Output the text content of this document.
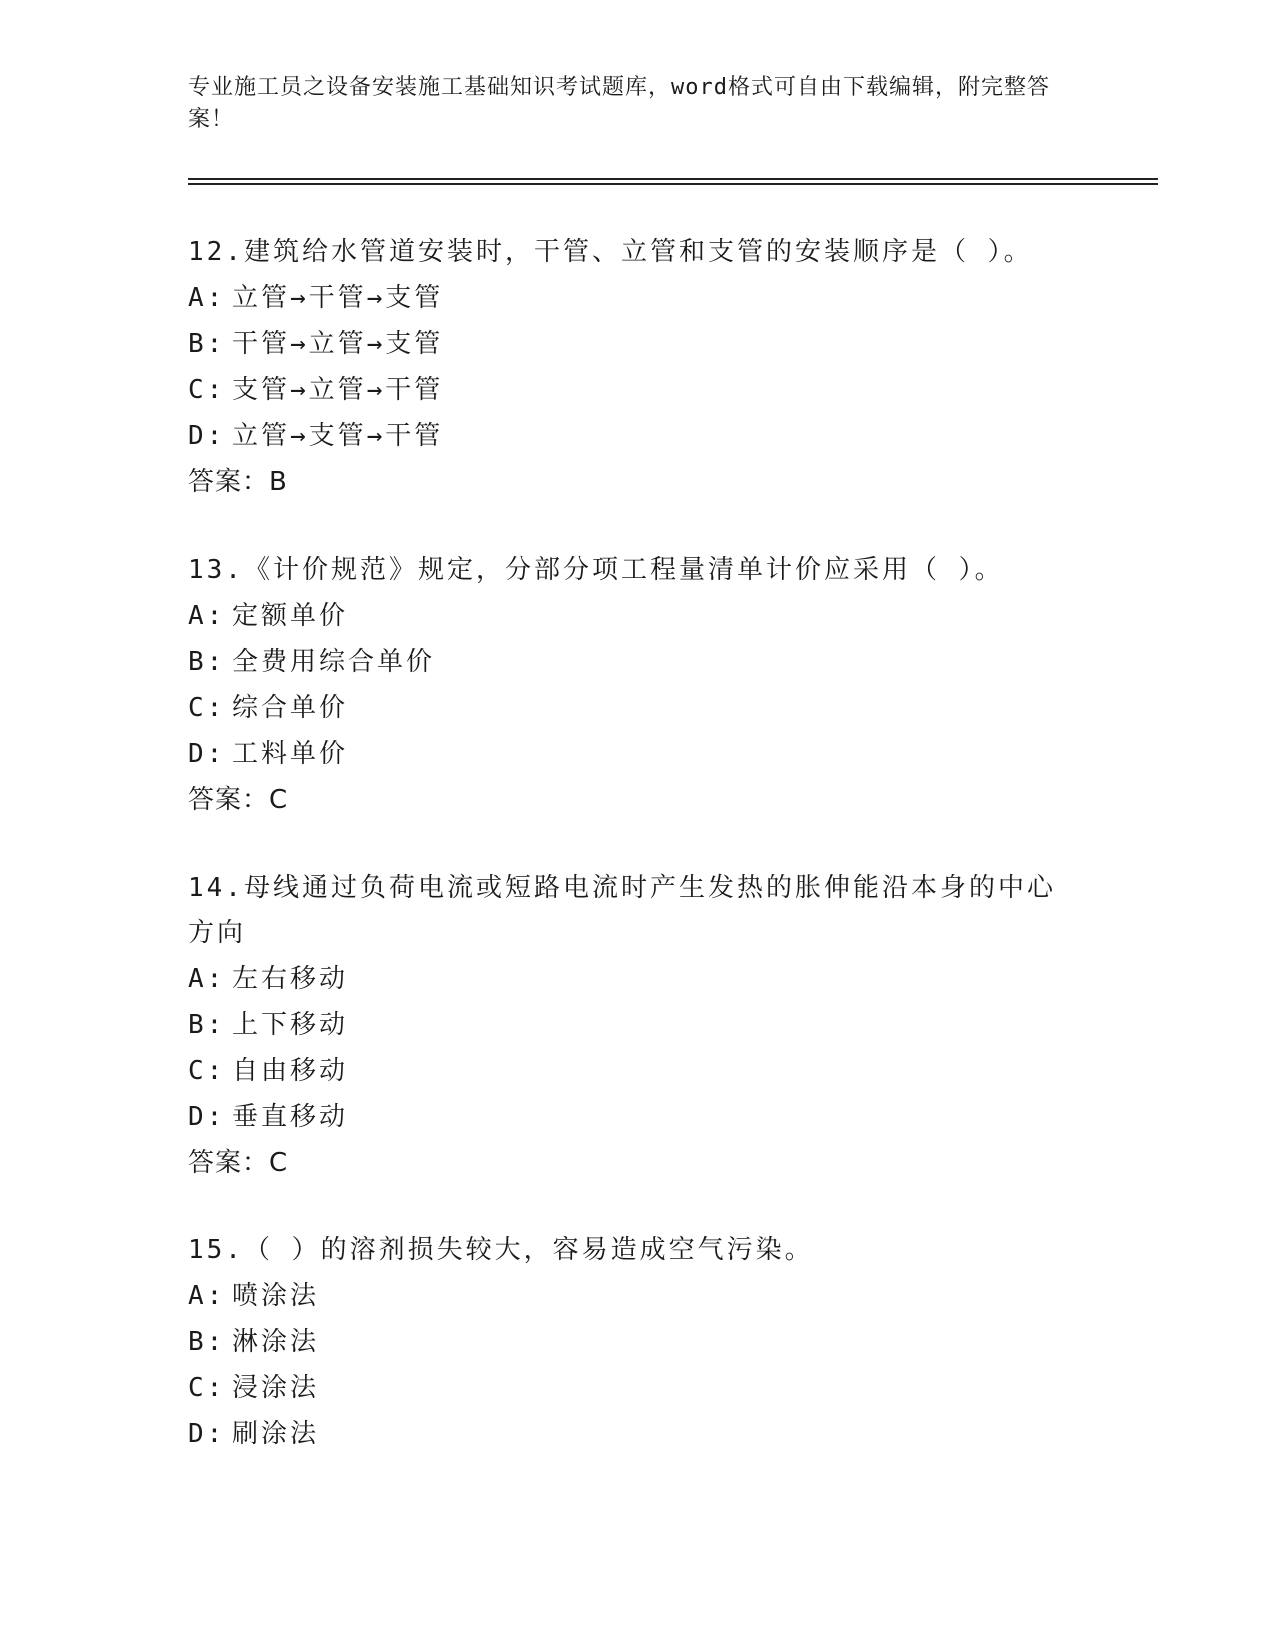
专业施工员之设备安装施工基础知识考试题库，word格式可自由下载编辑，附完整答案！
12.建筑给水管道安装时，干管、立管和支管的安装顺序是（ ）。
A: 立管→干管→支管
B: 干管→立管→支管
C: 支管→立管→干管
D: 立管→支管→干管
答案：B
13.《计价规范》规定，分部分项工程量清单计价应采用（ ）。
A: 定额单价
B: 全费用综合单价
C: 综合单价
D: 工料单价
答案：C
14.母线通过负荷电流或短路电流时产生发热的胀伸能沿本身的中心方向
A: 左右移动
B: 上下移动
C: 自由移动
D: 垂直移动
答案：C
15.（ ）的溶剂损失较大，容易造成空气污染。
A: 喷涂法
B: 淋涂法
C: 浸涂法
D: 刷涂法
